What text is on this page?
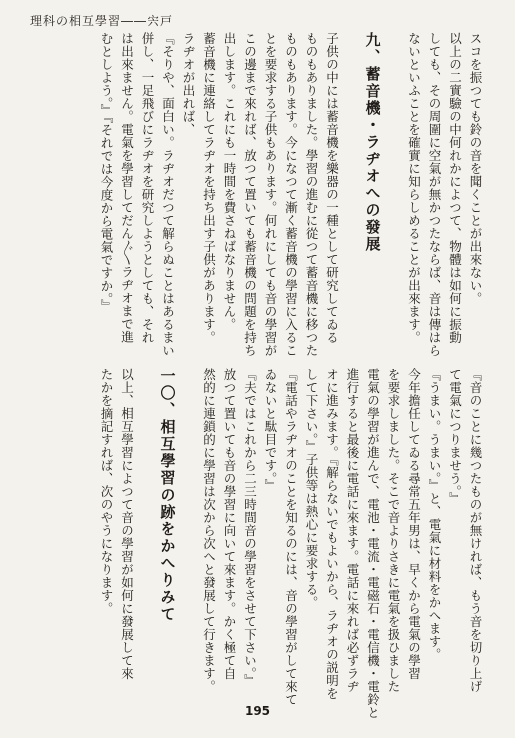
理科の相互學習――宍戸
スコを振つても鈴の音を聞くことが出來ない。
以上の二實驗の中何れかによつて、物體は如何に振動
しても、その周圍に空氣が無かつたならば、音は傳はら
ないといふことを確實に知らしめることが出來ます。

九、蓄音機・ラヂオへの發展

子供の中には蓄音機を樂器の一種として研究してゐる
ものもありました。學習の進むに從つて蓄音機に移つた
ものもあります。今になつて漸く蓄音機の學習に入るこ
とを要求する子供もあります。何れにしても音の學習が
この邊まで來れば、放つて置いても蓄音機の問題を持ち
出します。これにも一時間を費さねばなりません。
蓄音機に連絡してラヂオを持ち出す子供があります。
ラヂオが出れば、
『そりや、面白い。ラヂオだつて解らぬことはあるまい
併し、一足飛びにラヂオを研究しようとしても、それ
は出來ません。電氣を學習してだん〴〵ラヂオまで進
むとしよう。』『それでは今度から電氣ですか。』
『音のことに幾つたものが無ければ、もう音を切り上げ
て電氣につりませう。』
『うまい。うまい。』と、電氣に材料をかへます。
今年擔任してゐる尋常五年男は、早くから電氣の學習
を要求しました。そこで音よりさきに電氣を扱ひました
電氣の學習が進んで、電池・電流・電磁石・電信機・電鈴と
進行すると最後に電話に來ます。電話に來れば必ずラヂ
オに進みます。『解らないでもよいから、ラヂオの説明を
して下さい。』子供等は熱心に要求する。
『電話やラヂオのことを知るのには、音の學習がして來て
ゐないと駄目です。』
『夫ではこれから二三時間音の學習をさせて下さい。』
放つて置いても音の學習に向いて來ます。かく極て自
然的に連鎖的に學習は次から次へと發展して行きます。

一〇、相互學習の跡をかへりみて

以上、相互學習によつて音の學習が如何に發展して來
たかを摘記すれば、次のやうになります。
195
